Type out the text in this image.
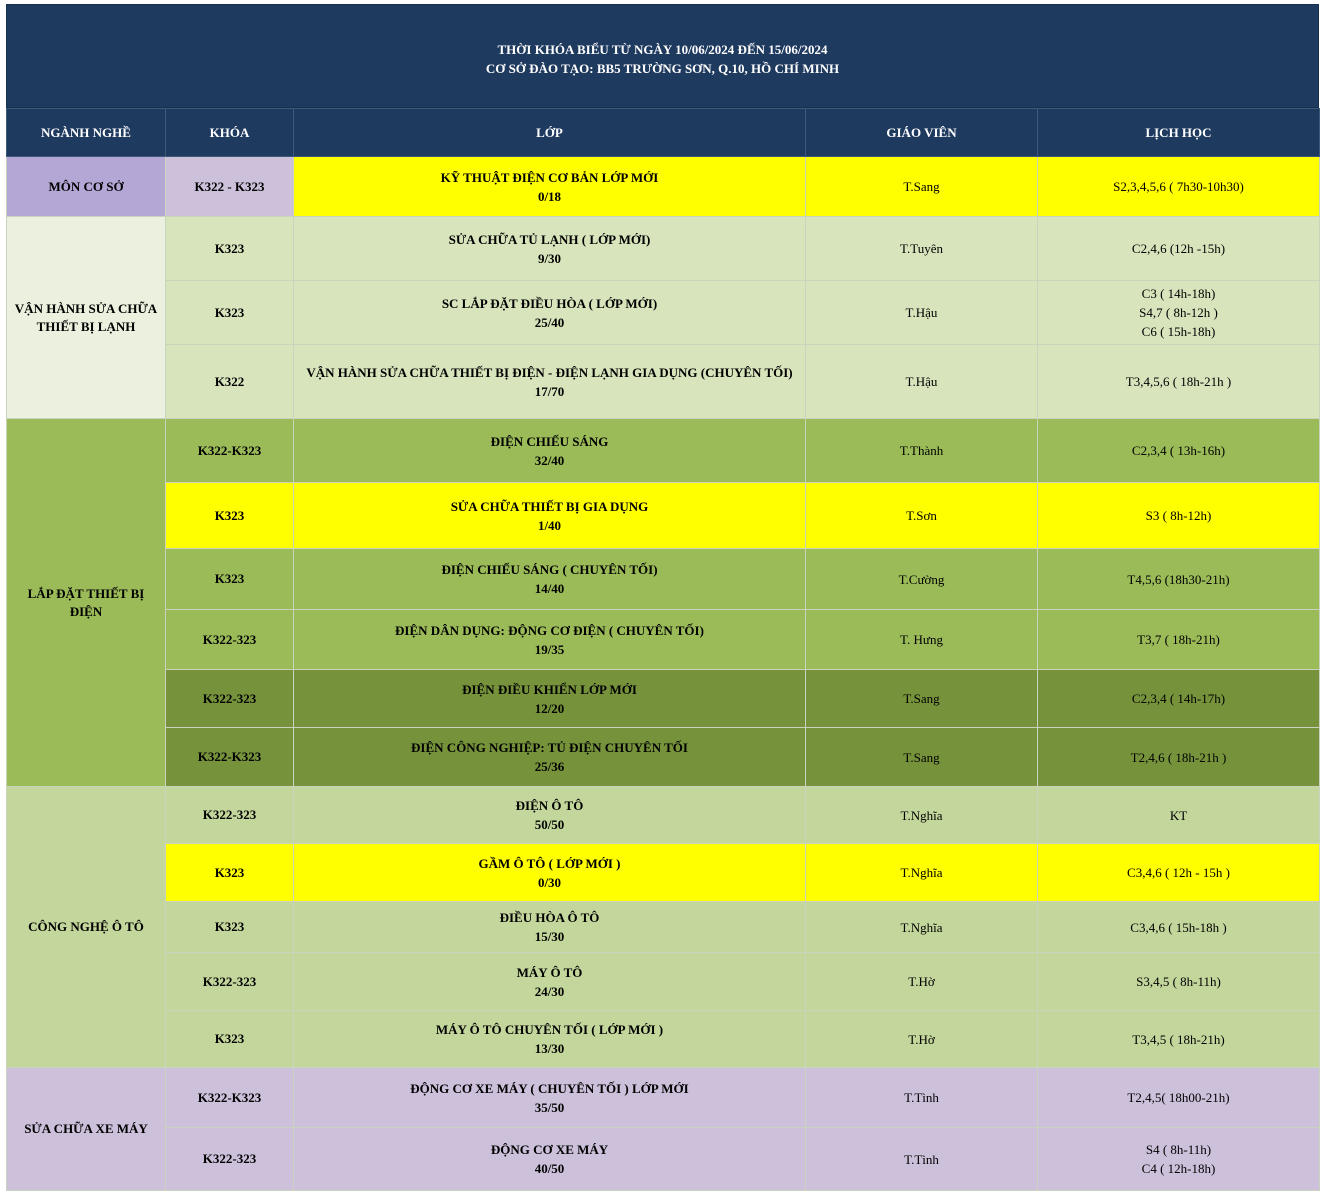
THỜI KHÓA BIỂU TỪ NGÀY 10/06/2024 ĐẾN 15/06/2024
CƠ SỞ ĐÀO TẠO: BB5 TRƯỜNG SƠN, Q.10, HỒ CHÍ MINH
NGÀNH NGHỀ	KHÓA	LỚP	GIÁO VIÊN	LỊCH HỌC
MÔN CƠ SỞ	K322 - K323	KỸ THUẬT ĐIỆN CƠ BẢN LỚP MỚI
0/18	T.Sang	S2,3,4,5,6 ( 7h30-10h30)

VẬN HÀNH SỬA CHỮA THIẾT BỊ LẠNH	K323	SỬA CHỮA TỦ LẠNH ( LỚP MỚI)
9/30	T.Tuyên	C2,4,6 (12h -15h)

	K323	SC LẮP ĐẶT ĐIỀU HÒA ( LỚP MỚI)
25/40	T.Hậu	C3 ( 14h-18h)
S4,7 ( 8h-12h )
C6 ( 15h-18h)

	K322	VẬN HÀNH SỬA CHỮA THIẾT BỊ ĐIỆN - ĐIỆN LẠNH GIA DỤNG (CHUYÊN TỐI)
17/70	T.Hậu	T3,4,5,6 ( 18h-21h )

LẮP ĐẶT THIẾT BỊ ĐIỆN	K322-K323	ĐIỆN CHIẾU SÁNG
32/40	T.Thành	C2,3,4 ( 13h-16h)

	K323	SỬA CHỮA THIẾT BỊ GIA DỤNG
1/40	T.Sơn	S3 ( 8h-12h)

	K323	ĐIỆN CHIẾU SÁNG ( CHUYÊN TỐI)
14/40	T.Cường	T4,5,6 (18h30-21h)

	K322-323	ĐIỆN DÂN DỤNG: ĐỘNG CƠ ĐIỆN ( CHUYÊN TỐI)
19/35	T. Hưng	T3,7 ( 18h-21h)

	K322-323	ĐIỆN ĐIỀU KHIỂN LỚP MỚI
12/20	T.Sang	C2,3,4 ( 14h-17h)

	K322-K323	ĐIỆN CÔNG NGHIỆP: TỦ ĐIỆN CHUYÊN TỐI
25/36	T.Sang	T2,4,6 ( 18h-21h )

CÔNG NGHỆ Ô TÔ	K322-323	ĐIỆN Ô TÔ
50/50	T.Nghĩa	KT

	K323	GẦM Ô TÔ ( LỚP MỚI )
0/30	T.Nghĩa	C3,4,6 ( 12h - 15h )

	K323	ĐIỀU HÒA Ô TÔ
15/30	T.Nghĩa	C3,4,6 ( 15h-18h )

	K322-323	MÁY Ô TÔ
24/30	T.Hờ	S3,4,5 ( 8h-11h)

	K323	MÁY Ô TÔ CHUYÊN TỐI ( LỚP MỚI )
13/30	T.Hờ	T3,4,5 ( 18h-21h)

SỬA CHỮA XE MÁY	K322-K323	ĐỘNG CƠ XE MÁY ( CHUYÊN TỐI ) LỚP MỚI
35/50	T.Tình	T2,4,5( 18h00-21h)

	K322-323	ĐỘNG CƠ XE MÁY
40/50	T.Tình	S4 ( 8h-11h)
C4 ( 12h-18h)
